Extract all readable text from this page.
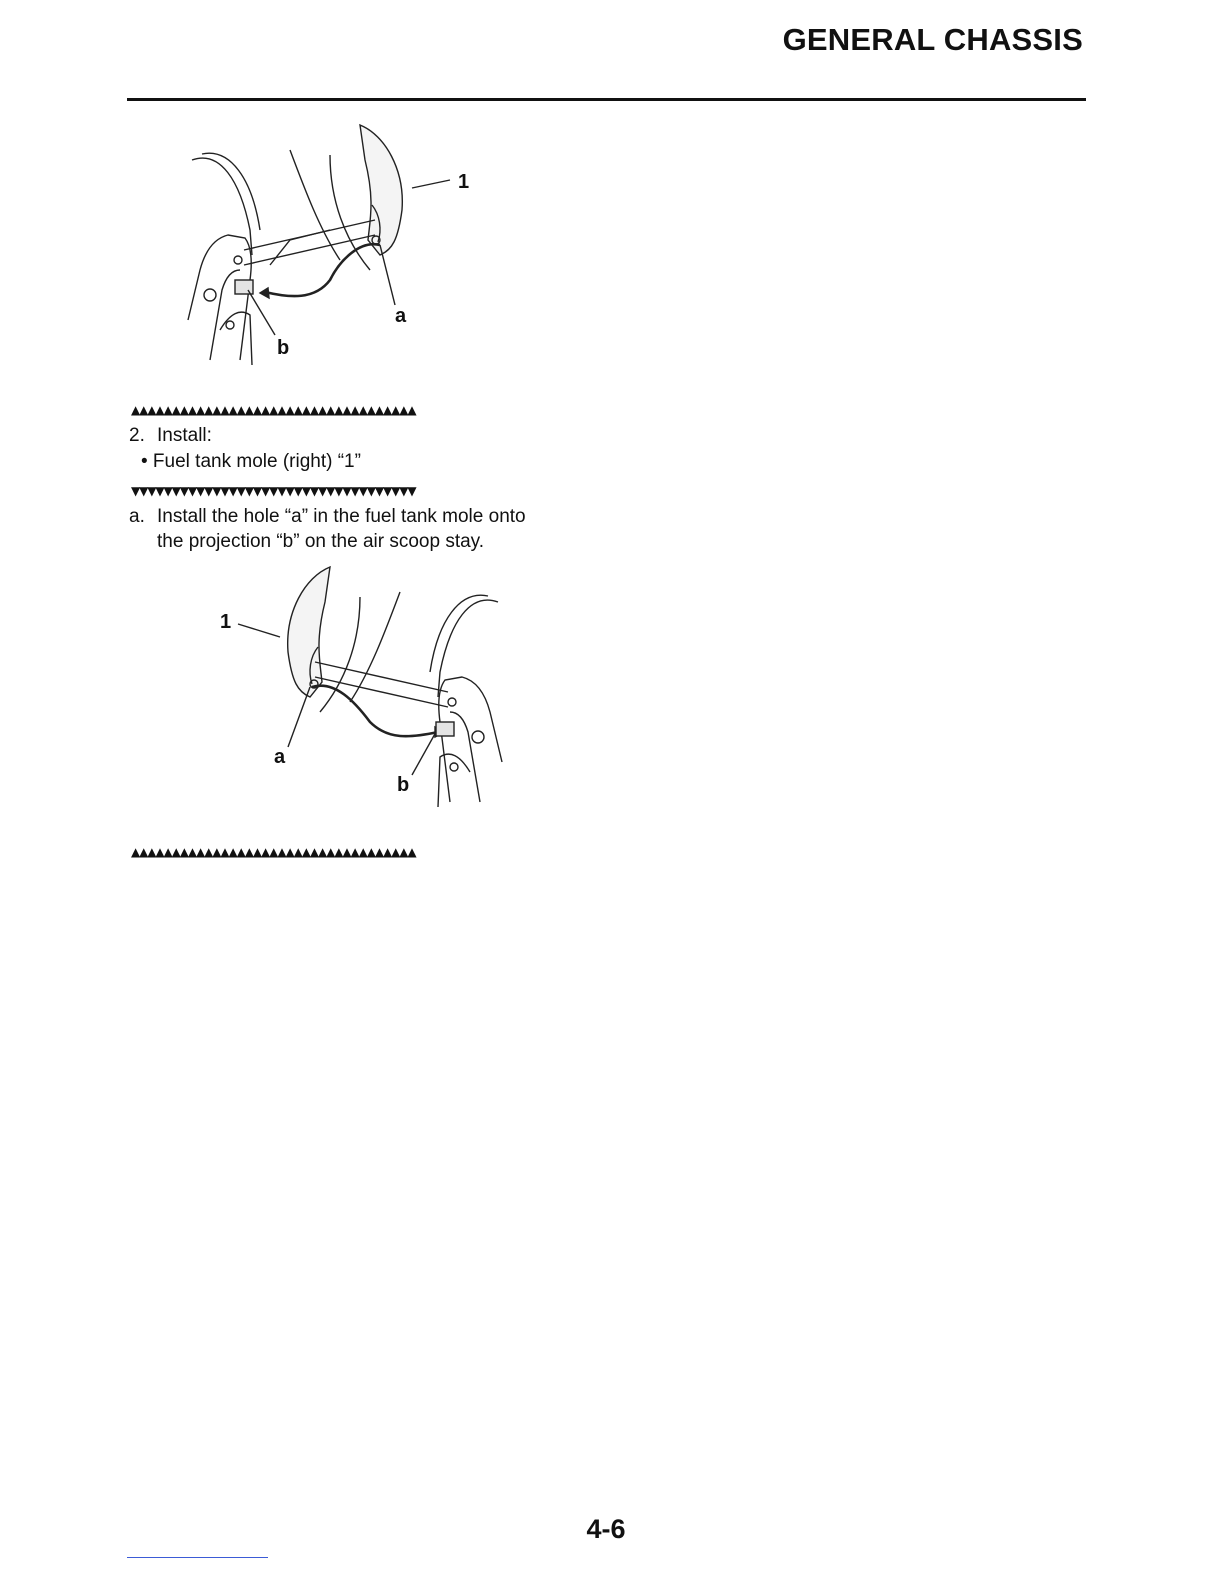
GENERAL CHASSIS
1
a
b
▲▲▲▲▲▲▲▲▲▲▲▲▲▲▲▲▲▲▲▲▲▲▲▲▲▲▲▲▲▲▲▲▲▲▲
2. Install:
• Fuel tank mole (right) “1”
▼▼▼▼▼▼▼▼▼▼▼▼▼▼▼▼▼▼▼▼▼▼▼▼▼▼▼▼▼▼▼▼▼▼▼
a. Install the hole “a” in the fuel tank mole onto
the projection “b” on the air scoop stay.
1
a
b
▲▲▲▲▲▲▲▲▲▲▲▲▲▲▲▲▲▲▲▲▲▲▲▲▲▲▲▲▲▲▲▲▲▲▲
4-6
